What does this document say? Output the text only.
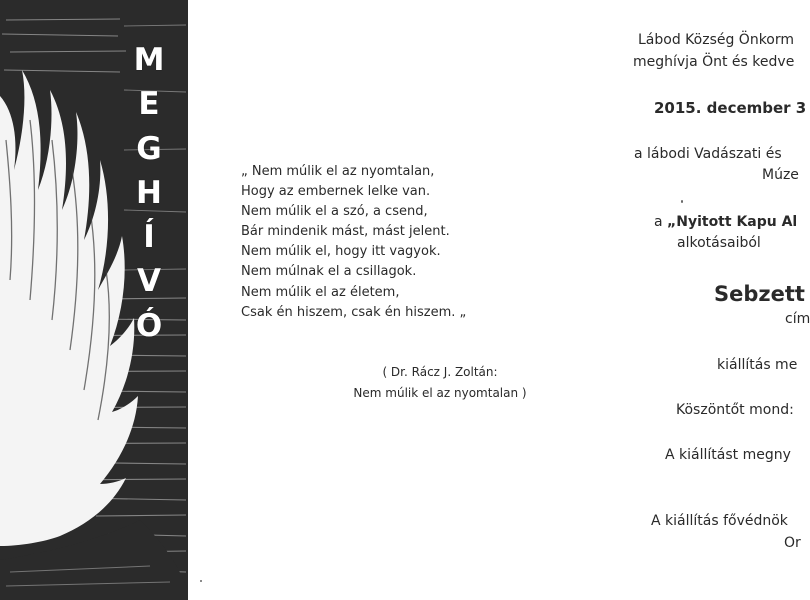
M
E
G
H
Í
V
Ó
„ Nem múlik el az nyomtalan,
Hogy az embernek lelke van.
Nem múlik el a szó, a csend,
Bár mindenik mást, mást jelent.
Nem múlik el, hogy itt vagyok.
Nem múlnak el a csillagok.
Nem múlik el az életem,
Csak én hiszem, csak én hiszem. „
( Dr. Rácz J. Zoltán:
Nem múlik el az nyomtalan )
Lábod Község Önkorm
meghívja Önt és kedve
2015. december 3
a lábodi Vadászati és
Múze
a „Nyitott Kapu Al
alkotásaiból
Sebzett
cím
kiállítás me
Köszöntőt mond:
A kiállítást megny
A kiállítás fővédnök
Or
